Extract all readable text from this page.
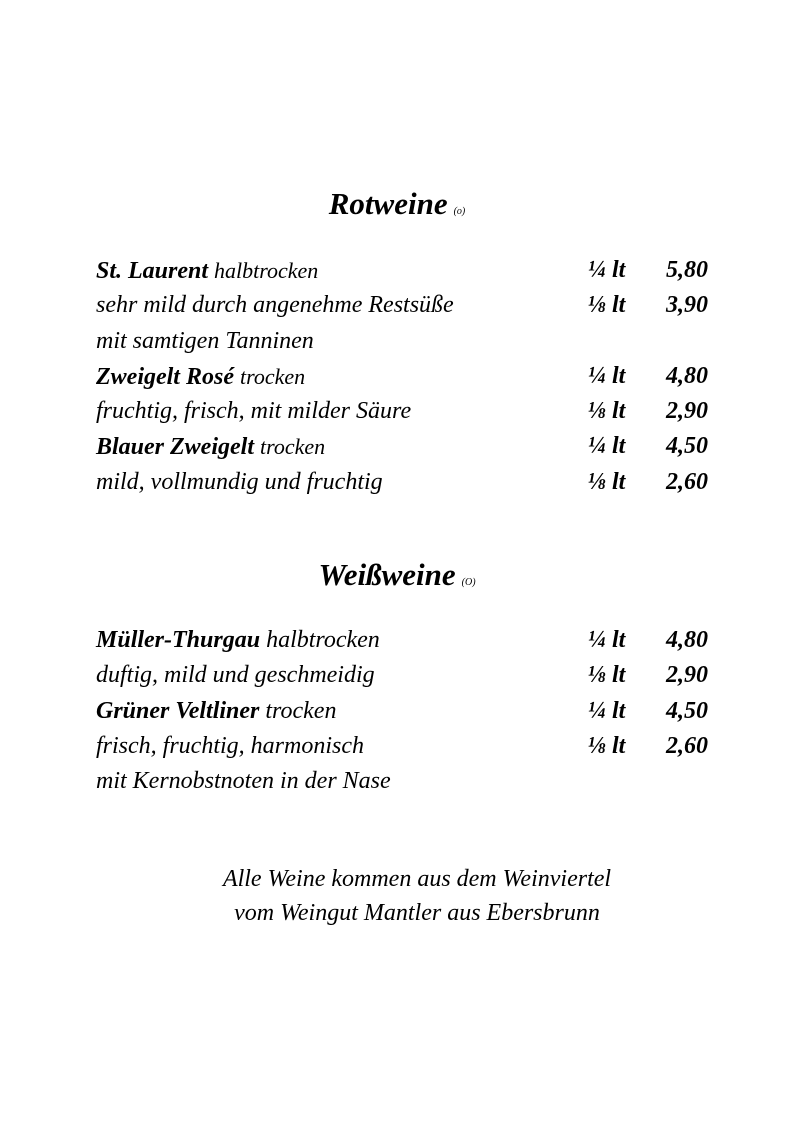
Rotweine (o)
St. Laurent halbtrocken	¼ lt 5,80
sehr mild durch angenehme Restsüße	⅛ lt 3,90
mit samtigen Tanninen
Zweigelt Rosé trocken	¼ lt 4,80
fruchtig, frisch, mit milder Säure	⅛ lt 2,90
Blauer Zweigelt trocken	¼ lt 4,50
mild, vollmundig und fruchtig	⅛ lt 2,60
Weißweine (O)
Müller-Thurgau halbtrocken	¼ lt 4,80
duftig, mild und geschmeidig	⅛ lt 2,90
Grüner Veltliner trocken	¼ lt 4,50
frisch, fruchtig, harmonisch	⅛ lt 2,60
mit Kernobstnoten in der Nase

Alle Weine kommen aus dem Weinviertel

vom Weingut Mantler aus Ebersbrunn
